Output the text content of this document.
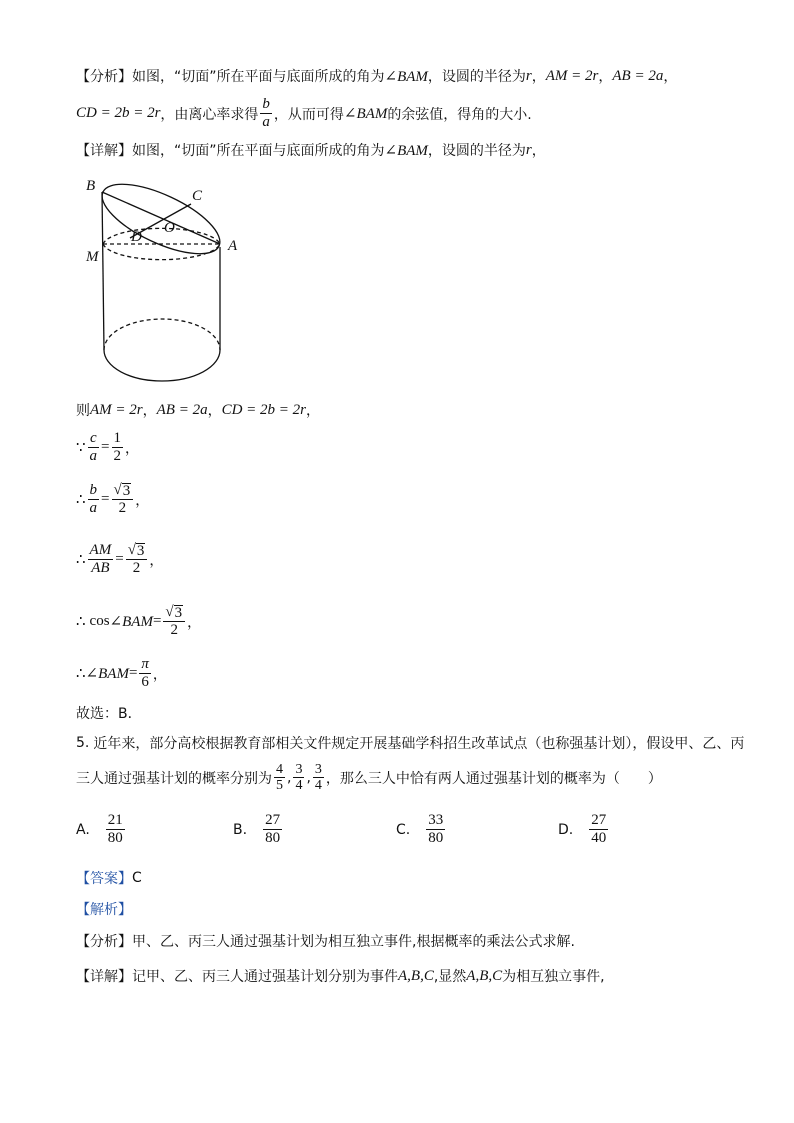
【分析】 如图，“切面”所在平面与底面所成的角为 ∠BAM ，设圆的半径为 r ， AM = 2r ， AB = 2a ，
CD = 2b = 2r ，由离心率求得 $\frac{b}{a}$ ，从而可得 ∠BAM 的余弦值，得角的大小.
【详解】 如图，“切面”所在平面与底面所成的角为 ∠BAM ，设圆的半径为 r ，
B
C
O
D
M
A
则 AM = 2r ， AB = 2a ， CD = 2b = 2r ，
∵ $\frac{c}{a} = \frac{1}{2}$ ，
∴ $\frac{b}{a} = \frac{√ 3}{2}$ ，
∴ $\frac{AM}{AB} = \frac{√ 3}{2}$ ，
∴ cos ∠BAM = $\frac{√ 3}{2}$ ，
∴ ∠BAM = $\frac{\pi}{6}$ ，
故选：B．
5. 近年来，部分高校根据教育部相关文件规定开展基础学科招生改革试点（也称强基计划），假设甲、乙、丙
三人通过强基计划的概率分别为 $\frac{4}{5}$ , $\frac{3}{4}$ , $\frac{3}{4}$ ，那么三人中恰有两人通过强基计划的概率为（　　）
A. $\frac{21}{80}$	B. $\frac{27}{80}$	C. $\frac{33}{80}$	D. $\frac{27}{40}$
【答案】 C
【解析】
【分析】 甲、乙、丙三人通过强基计划为相互独立事件,根据概率的乘法公式求解.
【详解】 记甲、乙、丙三人通过强基计划分别为事件 A,B,C ,显然 A,B,C 为相互独立事件,
